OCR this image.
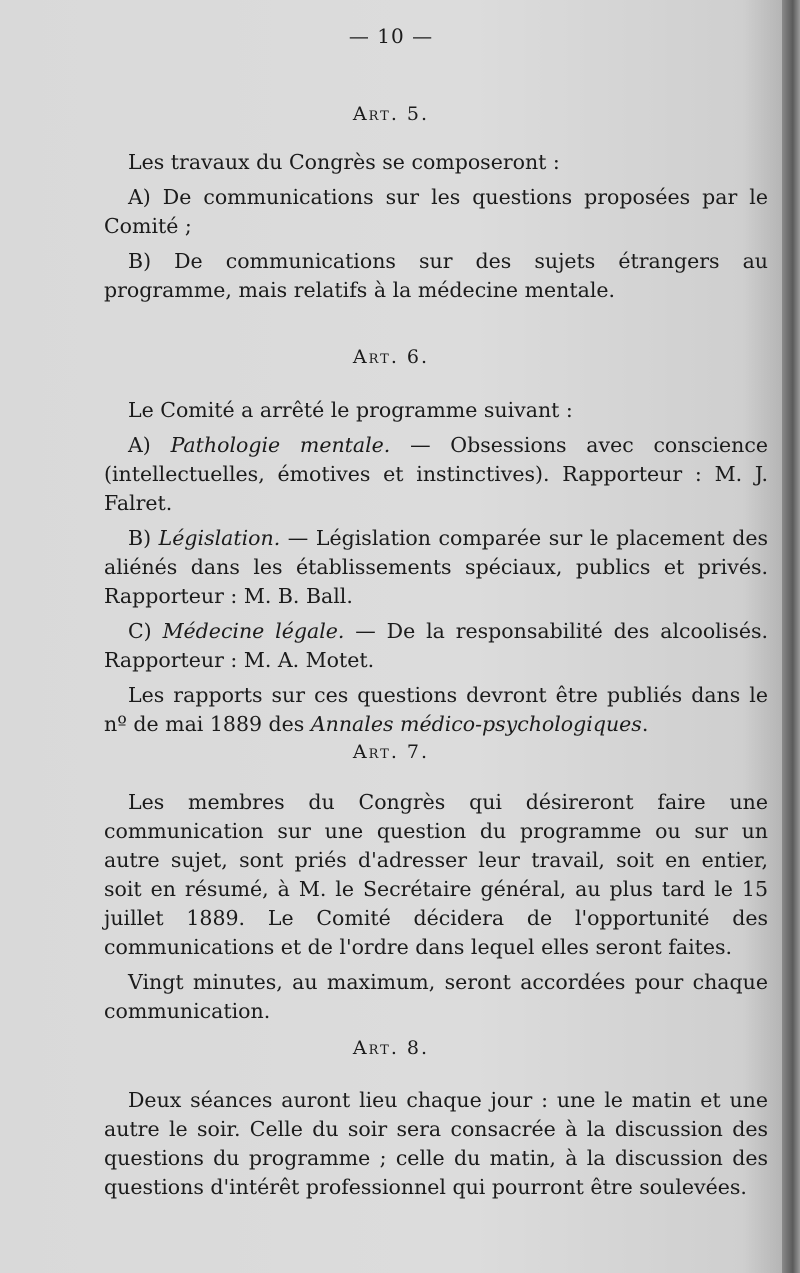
— 10 —
Art. 5.

Les travaux du Congrès se composeront :

A) De communications sur les questions proposées par le Comité ;

B) De communications sur des sujets étrangers au programme, mais relatifs à la médecine mentale.

Art. 6.

Le Comité a arrêté le programme suivant :

A) Pathologie mentale. — Obsessions avec conscience (intellectuelles, émotives et instinctives). Rapporteur : M. J. Falret.

B) Législation. — Législation comparée sur le placement des aliénés dans les établissements spéciaux, publics et privés. Rapporteur : M. B. Ball.

C) Médecine légale. — De la responsabilité des alcoolisés. Rapporteur : M. A. Motet.

Les rapports sur ces questions devront être publiés dans le nº de mai 1889 des Annales médico-psychologiques.

Art. 7.

Les membres du Congrès qui désireront faire une communication sur une question du programme ou sur un autre sujet, sont priés d'adresser leur travail, soit en entier, soit en résumé, à M. le Secrétaire général, au plus tard le 15 juillet 1889. Le Comité décidera de l'opportunité des communications et de l'ordre dans lequel elles seront faites.

Vingt minutes, au maximum, seront accordées pour chaque communication.

Art. 8.

Deux séances auront lieu chaque jour : une le matin et une autre le soir. Celle du soir sera consacrée à la discussion des questions du programme ; celle du matin, à la discussion des questions d'intérêt professionnel qui pourront être soulevées.
